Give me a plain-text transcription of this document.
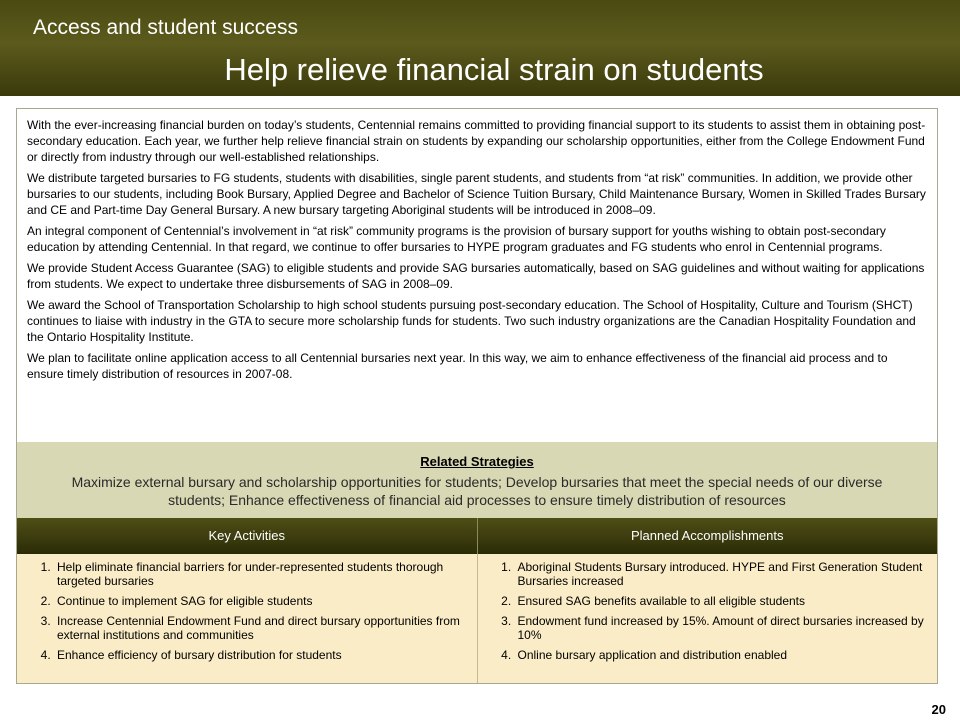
Access and student success
Help relieve financial strain on students

With the ever-increasing financial burden on today’s students, Centennial remains committed to providing financial support to its students to assist them in obtaining post-secondary education. Each year, we further help relieve financial strain on students by expanding our scholarship opportunities, either from the College Endowment Fund or directly from industry through our well-established relationships.

We distribute targeted bursaries to FG students, students with disabilities, single parent students, and students from “at risk” communities. In addition, we provide other bursaries to our students, including Book Bursary, Applied Degree and Bachelor of Science Tuition Bursary, Child Maintenance Bursary, Women in Skilled Trades Bursary and CE and Part-time Day General Bursary. A new bursary targeting Aboriginal students will be introduced in 2008–09.

An integral component of Centennial’s involvement in “at risk” community programs is the provision of bursary support for youths wishing to obtain post-secondary education by attending Centennial. In that regard, we continue to offer bursaries to HYPE program graduates and FG students who enrol in Centennial programs.

We provide Student Access Guarantee (SAG) to eligible students and provide SAG bursaries automatically, based on SAG guidelines and without waiting for applications from students. We expect to undertake three disbursements of SAG in 2008–09.

We award the School of Transportation Scholarship to high school students pursuing post-secondary education. The School of Hospitality, Culture and Tourism (SHCT) continues to liaise with industry in the GTA to secure more scholarship funds for students. Two such industry organizations are the Canadian Hospitality Foundation and the Ontario Hospitality Institute.

We plan to facilitate online application access to all Centennial bursaries next year. In this way, we aim to enhance effectiveness of the financial aid process and to ensure timely distribution of resources in 2007-08.

Related Strategies
Maximize external bursary and scholarship opportunities for students; Develop bursaries that meet the special needs of our diverse students; Enhance effectiveness of financial aid processes to ensure timely distribution of resources
Key Activities	Planned Accomplishments
1. Help eliminate financial barriers for under-represented students thorough targeted bursaries
2. Continue to implement SAG for eligible students
3. Increase Centennial Endowment Fund and direct bursary opportunities from external institutions and communities
4. Enhance efficiency of bursary distribution for students
1. Aboriginal Students Bursary introduced. HYPE and First Generation Student Bursaries increased
2. Ensured SAG benefits available to all eligible students
3. Endowment fund increased by 15%. Amount of direct bursaries increased by 10%
4. Online bursary application and distribution enabled
20
